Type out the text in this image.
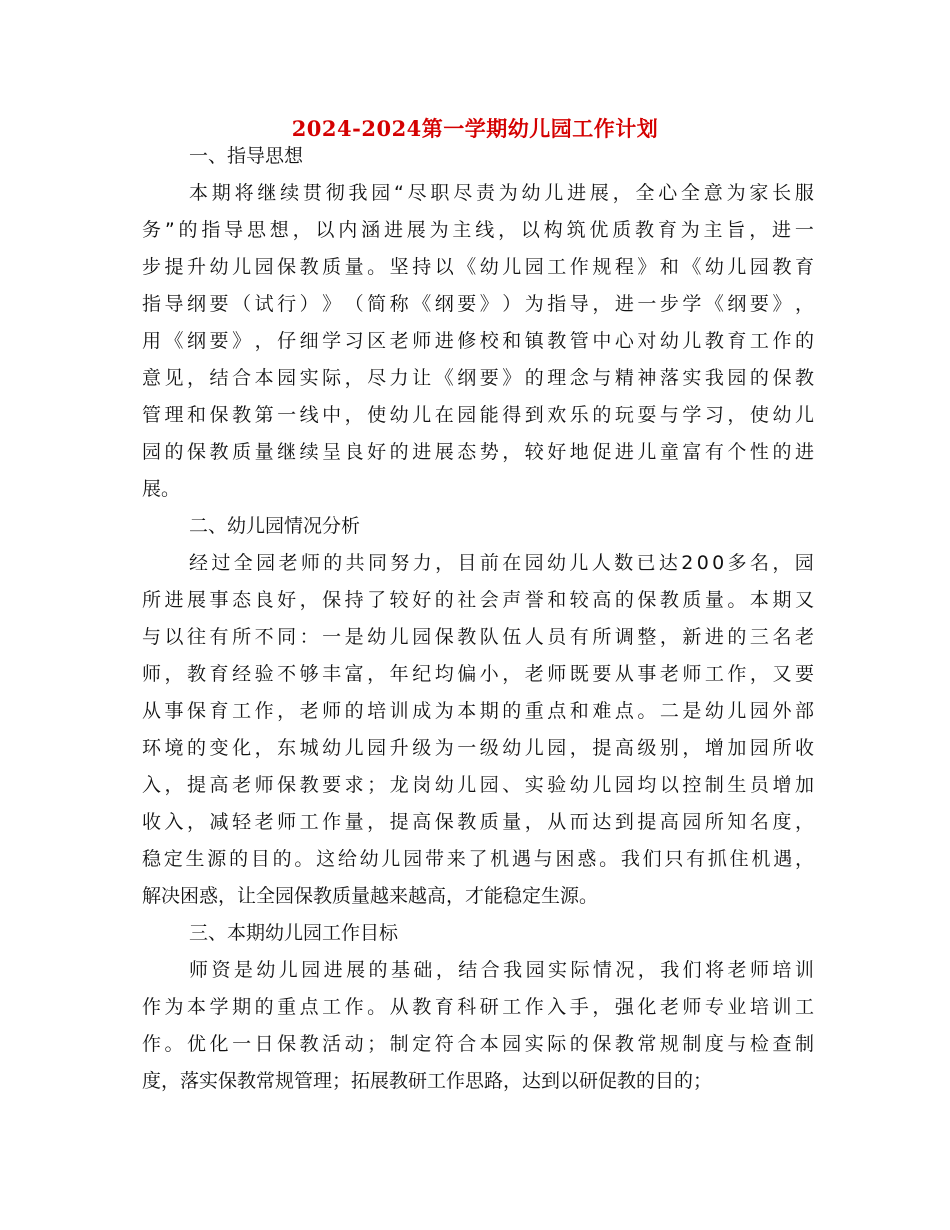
2024-2024第一学期幼儿园工作计划
一、指导思想
本 期 将 继 续 贯 彻 我 园 “ 尽 职 尽 责 为 幼 儿 进 展 ， 全 心 全 意 为 家 长 服
务 ” 的 指 导 思 想 ， 以 内 涵 进 展 为 主 线 ， 以 构 筑 优 质 教 育 为 主 旨 ， 进 一
步 提 升 幼 儿 园 保 教 质 量 。 坚 持 以 《 幼 儿 园 工 作 规 程 》 和 《 幼 儿 园 教 育
指 导 纲 要 （ 试 行 ） 》 （ 简 称 《 纲 要 》 ） 为 指 导 ， 进 一 步 学 《 纲 要 》 ，
用 《 纲 要 》 ， 仔 细 学 习 区 老 师 进 修 校 和 镇 教 管 中 心 对 幼 儿 教 育 工 作 的
意 见 ， 结 合 本 园 实 际 ， 尽 力 让 《 纲 要 》 的 理 念 与 精 神 落 实 我 园 的 保 教
管 理 和 保 教 第 一 线 中 ， 使 幼 儿 在 园 能 得 到 欢 乐 的 玩 耍 与 学 习 ， 使 幼 儿
园 的 保 教 质 量 继 续 呈 良 好 的 进 展 态 势 ， 较 好 地 促 进 儿 童 富 有 个 性 的 进
展。
二、幼儿园情况分析
经 过 全 园 老 师 的 共 同 努 力 ， 目 前 在 园 幼 儿 人 数 已 达 2 0 0 多 名 ， 园
所 进 展 事 态 良 好 ， 保 持 了 较 好 的 社 会 声 誉 和 较 高 的 保 教 质 量 。 本 期 又
与 以 往 有 所 不 同 ： 一 是 幼 儿 园 保 教 队 伍 人 员 有 所 调 整 ， 新 进 的 三 名 老
师 ， 教 育 经 验 不 够 丰 富 ， 年 纪 均 偏 小 ， 老 师 既 要 从 事 老 师 工 作 ， 又 要
从 事 保 育 工 作 ， 老 师 的 培 训 成 为 本 期 的 重 点 和 难 点 。 二 是 幼 儿 园 外 部
环 境 的 变 化 ， 东 城 幼 儿 园 升 级 为 一 级 幼 儿 园 ， 提 高 级 别 ， 增 加 园 所 收
入 ， 提 高 老 师 保 教 要 求 ； 龙 岗 幼 儿 园 、 实 验 幼 儿 园 均 以 控 制 生 员 增 加
收 入 ， 减 轻 老 师 工 作 量 ， 提 高 保 教 质 量 ， 从 而 达 到 提 高 园 所 知 名 度 ，
稳 定 生 源 的 目 的 。 这 给 幼 儿 园 带 来 了 机 遇 与 困 惑 。 我 们 只 有 抓 住 机 遇 ，
解决困惑，让全园保教质量越来越高，才能稳定生源。
三、本期幼儿园工作目标
师 资 是 幼 儿 园 进 展 的 基 础 ， 结 合 我 园 实 际 情 况 ， 我 们 将 老 师 培 训
作 为 本 学 期 的 重 点 工 作 。 从 教 育 科 研 工 作 入 手 ， 强 化 老 师 专 业 培 训 工
作 。 优 化 一 日 保 教 活 动 ； 制 定 符 合 本 园 实 际 的 保 教 常 规 制 度 与 检 查 制
度，落实保教常规管理；拓展教研工作思路，达到以研促教的目的；
